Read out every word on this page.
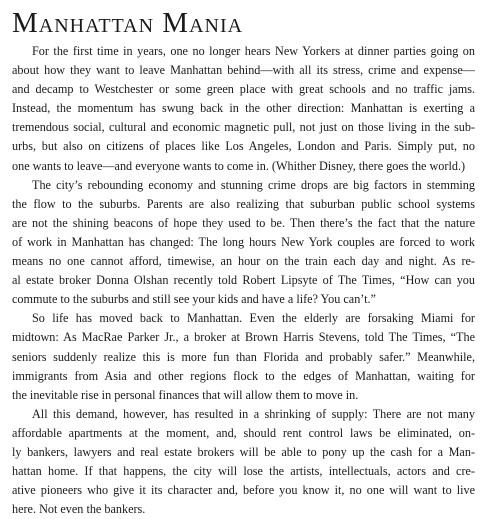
Manhattan Mania
For the first time in years, one no longer hears New Yorkers at dinner parties going on
about how they want to leave Manhattan behind—with all its stress, crime and expense—
and decamp to Westchester or some green place with great schools and no traffic jams.
Instead, the momentum has swung back in the other direction: Manhattan is exerting a
tremendous social, cultural and economic magnetic pull, not just on those living in the sub-
urbs, but also on citizens of places like Los Angeles, London and Paris. Simply put, no
one wants to leave—and everyone wants to come in. (Whither Disney, there goes the world.)
The city’s rebounding economy and stunning crime drops are big factors in stemming
the flow to the suburbs. Parents are also realizing that suburban public school systems
are not the shining beacons of hope they used to be. Then there’s the fact that the nature
of work in Manhattan has changed: The long hours New York couples are forced to work
means no one cannot afford, timewise, an hour on the train each day and night. As re-
al estate broker Donna Olshan recently told Robert Lipsyte of The Times, “How can you
commute to the suburbs and still see your kids and have a life? You can’t.”
So life has moved back to Manhattan. Even the elderly are forsaking Miami for
midtown: As MacRae Parker Jr., a broker at Brown Harris Stevens, told The Times, “The
seniors suddenly realize this is more fun than Florida and probably safer.” Meanwhile,
immigrants from Asia and other regions flock to the edges of Manhattan, waiting for
the inevitable rise in personal finances that will allow them to move in.
All this demand, however, has resulted in a shrinking of supply: There are not many
affordable apartments at the moment, and, should rent control laws be eliminated, on-
ly bankers, lawyers and real estate brokers will be able to pony up the cash for a Man-
hattan home. If that happens, the city will lose the artists, intellectuals, actors and cre-
ative pioneers who give it its character and, before you know it, no one will want to live
here. Not even the bankers.
